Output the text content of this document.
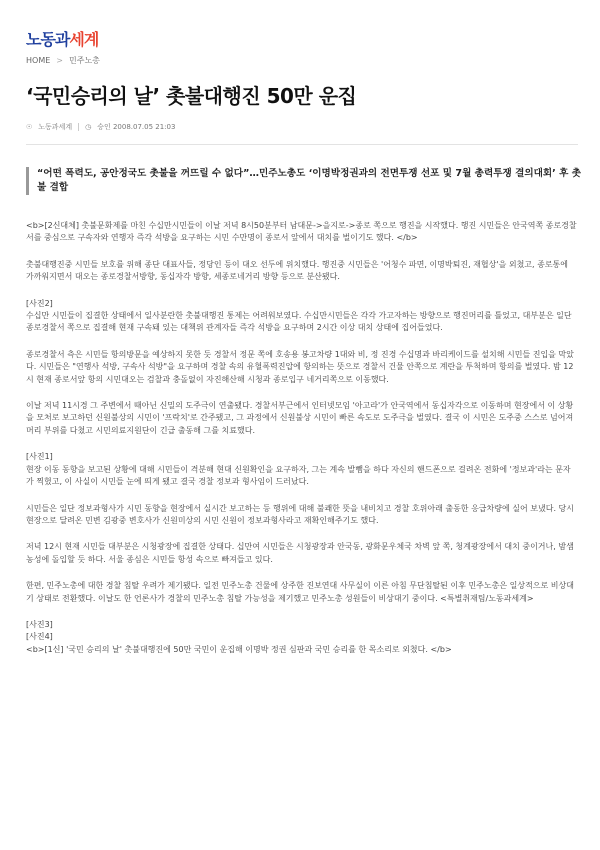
노동과 세계
HOME > 민주노총
‘국민승리의 날’ 촛불대행진 50만 운집
☉ 노동과세계 ◷ 승인 2008.07.05 21:03
“어떤 폭력도, 공안정국도 촛불을 꺼뜨릴 수 없다”…민주노총도 ‘이명박정권과의 전면투쟁 선포 및 7월 총력투쟁 결의대회’ 후 촛불 결합

<b>[2신대체] 촛불문화제를 마친 수십만시민들이 이날 저녁 8시50분부터 남대문->을지로->종로 쪽으로 행진을 시작했다. 행진 시민들은 안국역쪽 종로경찰서를 중심으로 구속자와 연행자 즉각 석방을 요구하는 시민 수만명이 종로서 앞에서 대치를 벌이기도 했다. </b>

촛불대행진중 시민들 보호를 위해 종단 대표사들, 정당인 등이 대오 선두에 위치했다. 행진중 시민들은 '어청수 파면, 이명박퇴진, 재협상'을 외쳤고, 종로통에 가까워지면서 대오는 종로경찰서방향, 동십자각 방향, 세종로네거리 방향 등으로 분산됐다.

[사진2]
수십만 시민들이 집결한 상태에서 일사분란한 촛불대행진 통제는 어려워보였다. 수십만시민들은 각각 가고자하는 방향으로 행진머리를 틀었고, 대부분은 일단 종로경찰서 쪽으로 집결해 현재 구속돼 있는 대책위 관계자들 즉각 석방을 요구하며 2시간 이상 대치 상태에 집어들었다.

종로경찰서 측은 시민들 항의방문을 예상하지 못한 듯 경찰서 정문 쪽에 호송용 봉고차량 1대와 비, 정 진경 수십명과 바리케이드를 설치해 시민들 진입을 막았다. 시민들은 "연행사 석방, 구속사 석방"을 요구하며 경찰 속의 유혈폭력진압에 항의하는 뜻으로 경찰서 건물 안쪽으로 계란을 투척하며 항의를 벌였다. 밤 12시 현재 종로서앞 항의 시민대오는 검찰과 충돌없이 자진해산해 시청과 종로입구 네거리쪽으로 이동했다.

이날 저녁 11시경 그 주변에서 때아닌 신밀의 도주극이 연출됐다. 경찰서부근에서 인터넷모임 '아고라'가 안국역에서 동십자각으로 이동하며 현장에서 이 상황을 모처로 보고하던 신원불상의 시민이 '프락치'로 간주됐고, 그 과정에서 신원불상 시민이 빠른 속도로 도주극을 벌였다. 결국 이 시민은 도주중 스스로 넘어져 머리 부위를 다쳤고 시민의료지원단이 긴급 출동해 그를 치료했다.

[사진1]
현장 이동 동향을 보고된 상황에 대해 시민들이 격분해 현대 신원확인을 요구하자, 그는 계속 발뺌을 하다 자신의 핸드폰으로 걸려온 전화에 '정보과'라는 문자가 찍혔고, 이 사실이 시민들 눈에 띄게 됐고 결국 경찰 정보과 형사임이 드러났다.

시민들은 일단 정보과형사가 시민 동향을 현장에서 실시간 보고하는 등 행위에 대해 불쾌한 뜻을 내비치고 경찰 호위아래 출동한 응급차량에 실어 보냈다. 당시 현장으로 달려온 민변 김광중 변호사가 신원미상의 시민 신원이 정보과형사라고 재확인해주기도 했다.

저녁 12시 현재 시민들 대부분은 시청광장에 집결한 상태다. 십만여 시민들은 시청광장과 안국동, 광화문우체국 차벽 앞 쪽, 청계광장에서 대치 중이거나, 밤샘농성에 돌입할 듯 하다. 서울 종심은 시민들 항성 속으로 빠져들고 있다.

한편, 민주노총에 대한 경찰 침탈 우려가 제기됐다. 일전 민주노총 건물에 상주한 진보연대 사무실이 이른 아침 무단침탈된 이후 민주노총은 일상적으로 비상대기 상태로 전환했다. 이날도 한 언론사가 경찰의 민주노총 침탈 가능성을 제기했고 민주노총 성원들이 비상대기 중이다. <특별취재팀/노동과세계>

[사진3]
[사진4]
<b>[1신] '국민 승리의 날' 촛불대행진에 50만 국민이 운집해 이명박 정권 심판과 국민 승리를 한 목소리로 외쳤다. </b>
